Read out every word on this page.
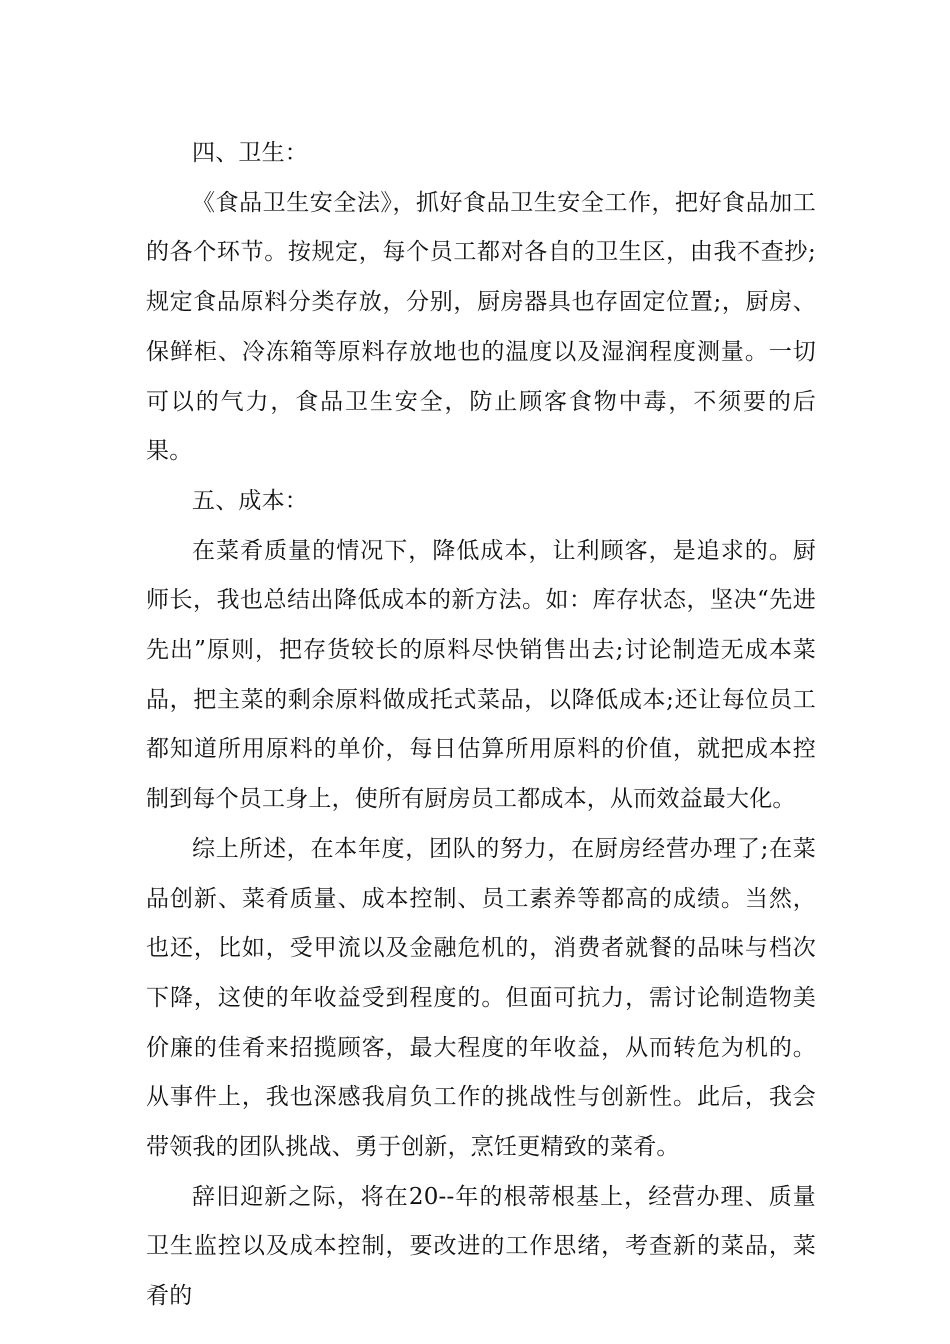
四、卫生：

《食品卫生安全法》，抓好食品卫生安全工作，把好食品加工的各个环节。按规定，每个员工都对各自的卫生区，由我不查抄;规定食品原料分类存放，分别，厨房器具也存固定位置;，厨房、保鲜柜、冷冻箱等原料存放地也的温度以及湿润程度测量。一切可以的气力，食品卫生安全，防止顾客食物中毒，不须要的后果。

五、成本：

在菜肴质量的情况下，降低成本，让利顾客，是追求的。厨师长，我也总结出降低成本的新方法。如：库存状态，坚决“先进先出”原则，把存货较长的原料尽快销售出去;讨论制造无成本菜品，把主菜的剩余原料做成托式菜品，以降低成本;还让每位员工都知道所用原料的单价，每日估算所用原料的价值，就把成本控制到每个员工身上，使所有厨房员工都成本，从而效益最大化。

综上所述，在本年度，团队的努力，在厨房经营办理了;在菜品创新、菜肴质量、成本控制、员工素养等都高的成绩。当然，也还，比如，受甲流以及金融危机的，消费者就餐的品味与档次下降，这使的年收益受到程度的。但面可抗力，需讨论制造物美价廉的佳肴来招揽顾客，最大程度的年收益，从而转危为机的。从事件上，我也深感我肩负工作的挑战性与创新性。此后，我会带领我的团队挑战、勇于创新，烹饪更精致的菜肴。

辞旧迎新之际，将在20--年的根蒂根基上，经营办理、质量卫生监控以及成本控制，要改进的工作思绪，考查新的菜品，菜肴的
